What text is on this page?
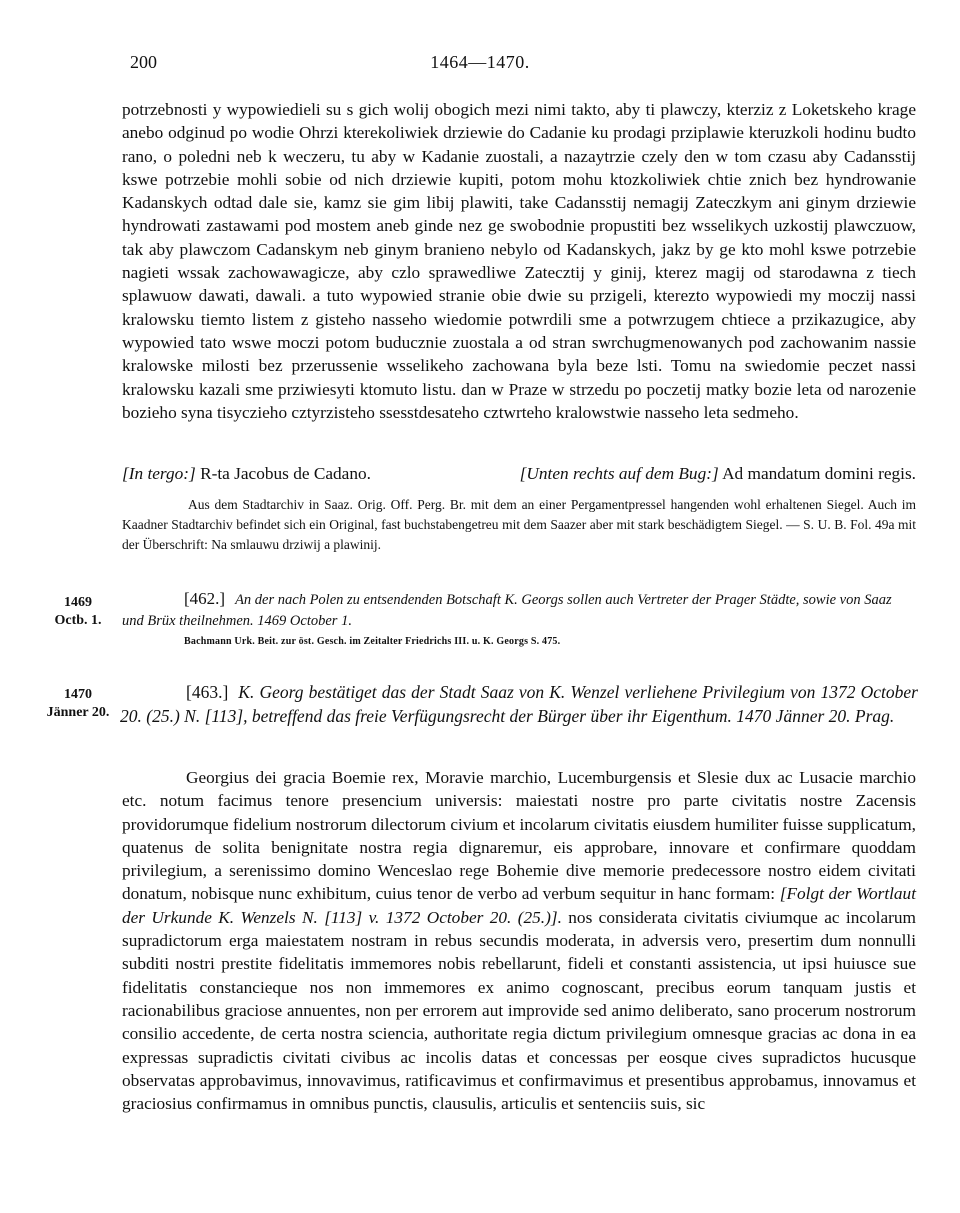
200	1464—1470.

potrzebnosti y wypowiedieli su s gich wolij obogich mezi nimi takto, aby ti plawczy, kterziz z Loketskeho krage anebo odginud po wodie Ohrzi kterekoliwiek drziewie do Cadanie ku prodagi prziplawie kteruzkoli hodinu budto rano, o poledni neb k weczeru, tu aby w Kadanie zuostali, a nazaytrzie czely den w tom czasu aby Cadansstij kswe potrzebie mohli sobie od nich drziewie kupiti, potom mohu ktozkoliwiek chtie znich bez hyndrowanie Kadanskych odtad dale sie, kamz sie gim libij plawiti, take Cadansstij nemagij Zateczkym ani ginym drziewie hyndrowati zastawami pod mostem aneb ginde nez ge swobodnie propustiti bez wsselikych uzkostij plawczuow, tak aby plawczom Cadanskym neb ginym branieno nebylo od Kadanskych, jakz by ge kto mohl kswe potrzebie nagieti wssak zachowawagicze, aby czlo sprawedliwe Zatecztij y ginij, kterez magij od starodawna z tiech splawuow dawati, dawali. a tuto wypowied stranie obie dwie su przigeli, kterezto wypowiedi my moczij nassi kralowsku tiemto listem z gisteho nasseho wiedomie potwrdili sme a potwrzugem chtiece a przikazugice, aby wypowied tato wswe moczi potom buducznie zuostala a od stran swrchugmenowanych pod zachowanim nassie kralowske milosti bez przerussenie wsselikeho zachowana byla beze lsti. Tomu na swiedomie peczet nassi kralowsku kazali sme prziwiesyti ktomuto listu. dan w Praze w strzedu po poczetij matky bozie leta od narozenie bozieho syna tisyczieho cztyrzisteho ssesstdesateho cztwrteho kralowstwie nasseho leta sedmeho.

[In tergo:] R-ta Jacobus de Cadano.	[Unten rechts auf dem Bug:] Ad mandatum domini regis.

Aus dem Stadtarchiv in Saaz. Orig. Off. Perg. Br. mit dem an einer Pergamentpressel hangenden wohl erhaltenen Siegel. Auch im Kaadner Stadtarchiv befindet sich ein Original, fast buchstabengetreu mit dem Saazer aber mit stark beschädigtem Siegel. — S. U. B. Fol. 49a mit der Überschrift: Na smlauwu drziwij a plawinij.

1469
Octb. 1.
[462.] An der nach Polen zu entsendenden Botschaft K. Georgs sollen auch Vertreter der Prager Städte, sowie von Saaz und Brüx theilnehmen. 1469 October 1.
Bachmann Urk. Beit. zur öst. Gesch. im Zeitalter Friedrichs III. u. K. Georgs S. 475.
1470
Jänner 20.
[463.] K. Georg bestätiget das der Stadt Saaz von K. Wenzel verliehene Privilegium von 1372 October 20. (25.) N. [113], betreffend das freie Verfügungsrecht der Bürger über ihr Eigenthum. 1470 Jänner 20. Prag.

Georgius dei gracia Boemie rex, Moravie marchio, Lucemburgensis et Slesie dux ac Lusacie marchio etc. notum facimus tenore presencium universis: maiestati nostre pro parte civitatis nostre Zacensis providorumque fidelium nostrorum dilectorum civium et incolarum civitatis eiusdem humiliter fuisse supplicatum, quatenus de solita benignitate nostra regia dignaremur, eis approbare, innovare et confirmare quoddam privilegium, a serenissimo domino Wenceslao rege Bohemie dive memorie predecessore nostro eidem civitati donatum, nobisque nunc exhibitum, cuius tenor de verbo ad verbum sequitur in hanc formam: [Folgt der Wortlaut der Urkunde K. Wenzels N. [113] v. 1372 October 20. (25.)]. nos considerata civitatis civiumque ac incolarum supradictorum erga maiestatem nostram in rebus secundis moderata, in adversis vero, presertim dum nonnulli subditi nostri prestite fidelitatis immemores nobis rebellarunt, fideli et constanti assistencia, ut ipsi huiusce sue fidelitatis constancieque nos non immemores ex animo cognoscant, precibus eorum tanquam justis et racionabilibus graciose annuentes, non per errorem aut improvide sed animo deliberato, sano procerum nostrorum consilio accedente, de certa nostra sciencia, authoritate regia dictum privilegium omnesque gracias ac dona in ea expressas supradictis civitati civibus ac incolis datas et concessas per eosque cives supradictos hucusque observatas approbavimus, innovavimus, ratificavimus et confirmavimus et presentibus approbamus, innovamus et graciosius confirmamus in omnibus punctis, clausulis, articulis et sentenciis suis, sic
